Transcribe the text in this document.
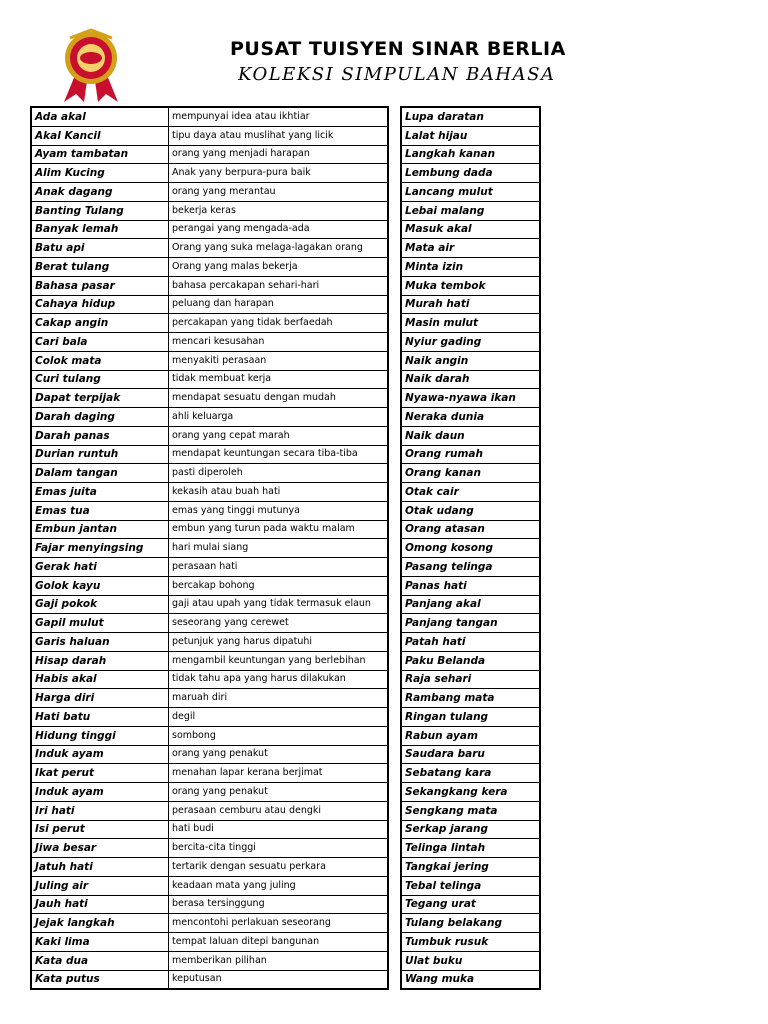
PUSAT TUISYEN SINAR BERLIA
KOLEKSI SIMPULAN BAHASA
Ada akal	mempunyai idea atau ikhtiar
Akal Kancil	tipu daya atau muslihat yang licik
Ayam tambatan	orang yang menjadi harapan
Alim Kucing	Anak yany berpura-pura baik
Anak dagang	orang yang merantau
Banting Tulang	bekerja keras
Banyak lemah	perangai yang mengada-ada
Batu api	Orang yang suka melaga-lagakan orang
Berat tulang	Orang yang malas bekerja
Bahasa pasar	bahasa percakapan sehari-hari
Cahaya hidup	peluang dan harapan
Cakap angin	percakapan yang tidak berfaedah
Cari bala	mencari kesusahan
Colok mata	menyakiti perasaan
Curi tulang	tidak membuat kerja
Dapat terpijak	mendapat sesuatu dengan mudah
Darah daging	ahli keluarga
Darah panas	orang yang cepat marah
Durian runtuh	mendapat keuntungan secara tiba-tiba
Dalam tangan	pasti diperoleh
Emas juita	kekasih atau buah hati
Emas tua	emas yang tinggi mutunya
Embun jantan	embun yang turun pada waktu malam
Fajar menyingsing	hari mulai siang
Gerak hati	perasaan hati
Golok kayu	bercakap bohong
Gaji pokok	gaji atau upah yang tidak termasuk elaun
Gapil mulut	seseorang yang cerewet
Garis haluan	petunjuk yang harus dipatuhi
Hisap darah	mengambil keuntungan yang berlebihan
Habis akal	tidak tahu apa yang harus dilakukan
Harga diri	maruah diri
Hati batu	degil
Hidung tinggi	sombong
Induk ayam	orang yang penakut
Ikat perut	menahan lapar kerana berjimat
Induk ayam	orang yang penakut
Iri hati	perasaan cemburu atau dengki
Isi perut	hati budi
Jiwa besar	bercita-cita tinggi
Jatuh hati	tertarik dengan sesuatu perkara
Juling air	keadaan mata yang juling
Jauh hati	berasa tersinggung
Jejak langkah	mencontohi perlakuan seseorang
Kaki lima	tempat laluan ditepi bangunan
Kata dua	memberikan pilihan
Kata putus	keputusan
Lupa daratan
Lalat hijau
Langkah kanan
Lembung dada
Lancang mulut
Lebai malang
Masuk akal
Mata air
Minta izin
Muka tembok
Murah hati
Masin mulut
Nyiur gading
Naik angin
Naik darah
Nyawa-nyawa ikan
Neraka dunia
Naik daun
Orang rumah
Orang kanan
Otak cair
Otak udang
Orang atasan
Omong kosong
Pasang telinga
Panas hati
Panjang akal
Panjang tangan
Patah hati
Paku Belanda
Raja sehari
Rambang mata
Ringan tulang
Rabun ayam
Saudara baru
Sebatang kara
Sekangkang kera
Sengkang mata
Serkap jarang
Telinga lintah
Tangkai jering
Tebal telinga
Tegang urat
Tulang belakang
Tumbuk rusuk
Ulat buku
Wang muka
